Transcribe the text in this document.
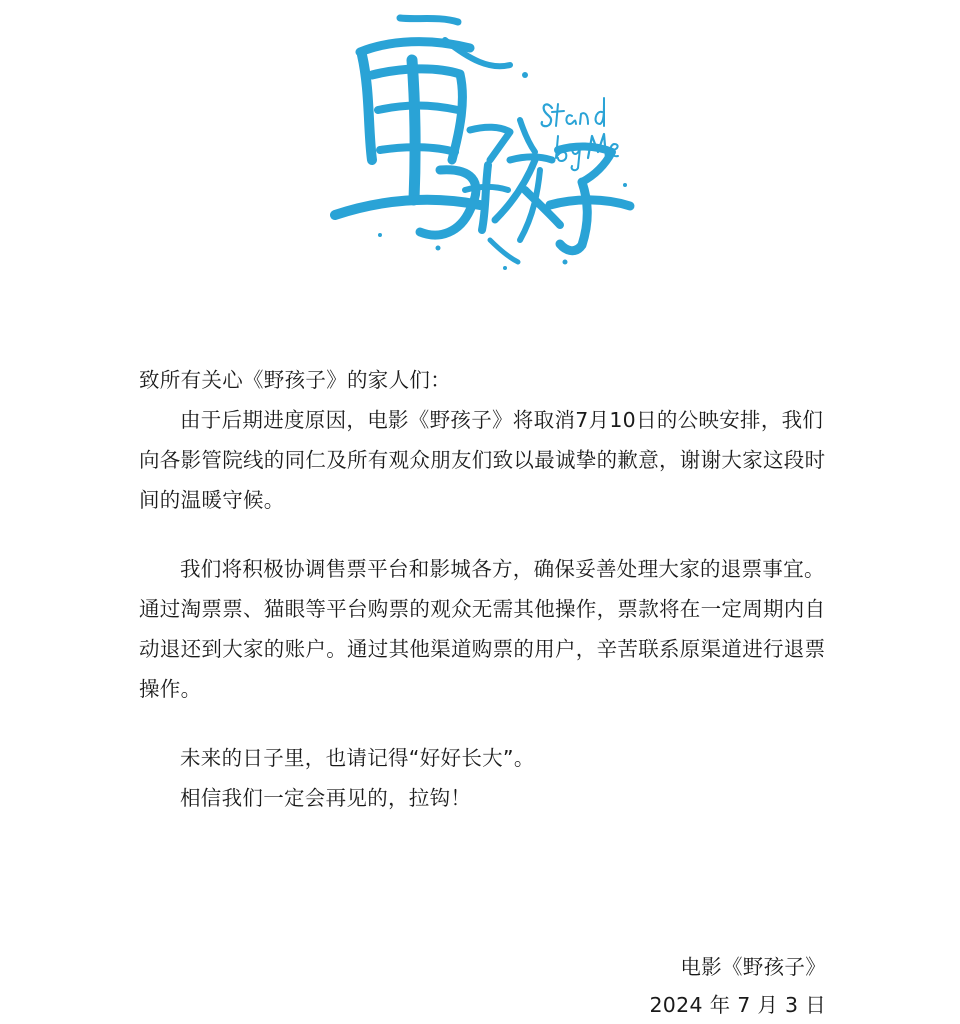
致所有关心《野孩子》的家人们：

由于后期进度原因，电影《野孩子》将取消7月10日的公映安排，我们向各影管院线的同仁及所有观众朋友们致以最诚挚的歉意，谢谢大家这段时间的温暖守候。

我们将积极协调售票平台和影城各方，确保妥善处理大家的退票事宜。通过淘票票、猫眼等平台购票的观众无需其他操作，票款将在一定周期内自动退还到大家的账户。通过其他渠道购票的用户，辛苦联系原渠道进行退票操作。

未来的日子里，也请记得“好好长大”。

相信我们一定会再见的，拉钩！

电影《野孩子》
2024 年 7 月 3 日
